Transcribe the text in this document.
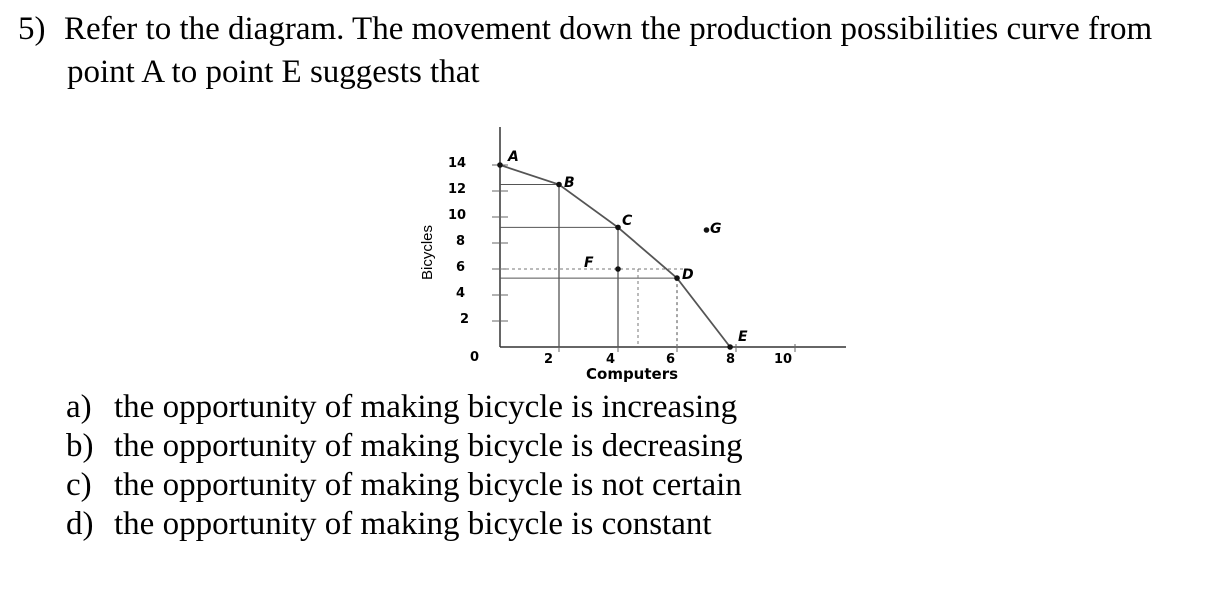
5) Refer to the diagram. The movement down the production possibilities curve from
point A to point E suggests that
2
4
6
8
10
12
14
0	2	4	6	8	10
Computers
Bicycles
A
B
C
D
E
F
G
a) the opportunity of making bicycle is increasing
b) the opportunity of making bicycle is decreasing
c) the opportunity of making bicycle is not certain
d) the opportunity of making bicycle is constant
